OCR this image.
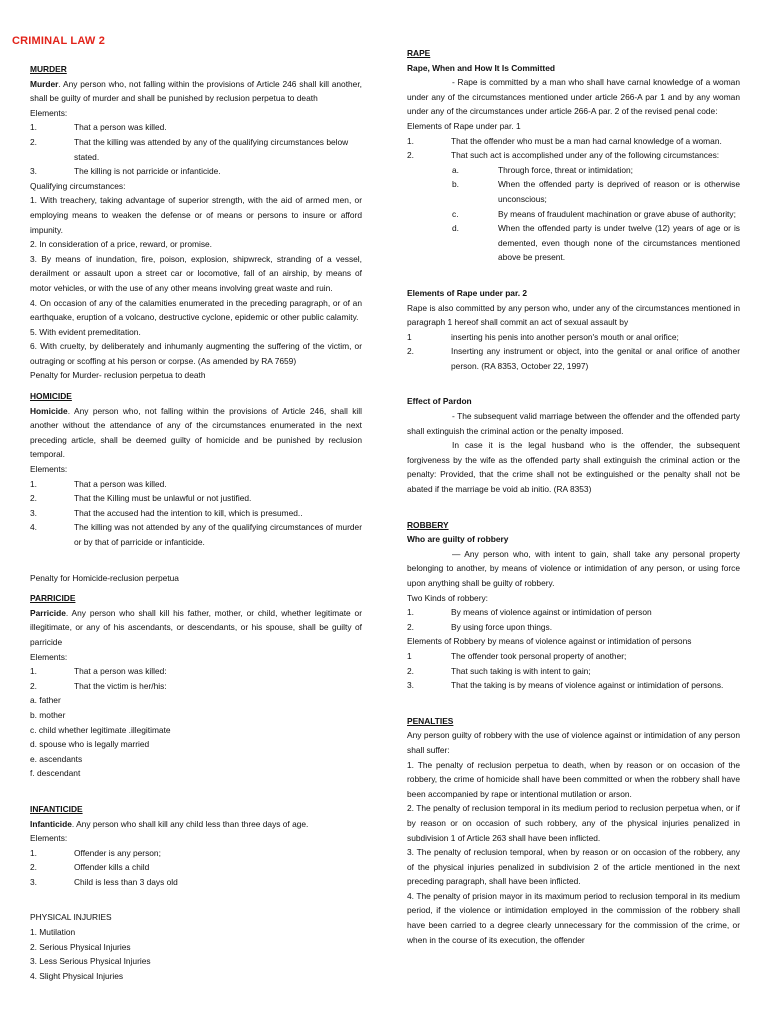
CRIMINAL LAW 2

MURDER

Murder. Any person who, not falling within the provisions of Article 246 shall kill another, shall be guilty of murder and shall be punished by reclusion perpetua to death

Elements:

1.	That a person was killed.
2.	That the killing was attended by any of the qualifying circumstances below stated.
3.	The killing is not parricide or infanticide.

Qualifying circumstances:

1. With treachery, taking advantage of superior strength, with the aid of armed men, or employing means to weaken the defense or of means or persons to insure or afford impunity.

2. In consideration of a price, reward, or promise.

3. By means of inundation, fire, poison, explosion, shipwreck, stranding of a vessel, derailment or assault upon a street car or locomotive, fall of an airship, by means of motor vehicles, or with the use of any other means involving great waste and ruin.

4. On occasion of any of the calamities enumerated in the preceding paragraph, or of an earthquake, eruption of a volcano, destructive cyclone, epidemic or other public calamity.

5. With evident premeditation.

6. With cruelty, by deliberately and inhumanly augmenting the suffering of the victim, or outraging or scoffing at his person or corpse. (As amended by RA 7659)

Penalty for Murder- reclusion perpetua to death

HOMICIDE

Homicide. Any person who, not falling within the provisions of Article 246, shall kill another without the attendance of any of the circumstances enumerated in the next preceding article, shall be deemed guilty of homicide and be punished by reclusion temporal.

Elements:

1.	That a person was killed.
2.	That the Killing must be unlawful or not justified.
3.	That the accused had the intention to kill, which is presumed..
4.	The killing was not attended by any of the qualifying circumstances of murder or by that of parricide or infanticide.

Penalty for Homicide-reclusion perpetua

PARRICIDE

Parricide. Any person who shall kill his father, mother, or child, whether legitimate or illegitimate, or any of his ascendants, or descendants, or his spouse, shall be guilty of parricide

Elements:

1.	That a person was killed:
2.	That the victim is her/his:

a. father

b. mother

c. child whether legitimate .illegitimate

d. spouse who is legally married

e. ascendants

f. descendant

INFANTICIDE

Infanticide. Any person who shall kill any child less than three days of age.

Elements:

1.	Offender is any person;
2.	Offender kills a child
3.	Child is less than 3 days old

PHYSICAL INJURIES

1. Mutilation

2. Serious Physical Injuries

3. Less Serious Physical Injuries

4. Slight Physical Injuries

RAPE

Rape, When and How It Is Committed

- Rape is committed by a man who shall have carnal knowledge of a woman under any of the circumstances mentioned under article 266-A par 1 and by any woman under any of the circumstances under article 266-A par. 2 of the revised penal code:

Elements of Rape under par. 1

1.	That the offender who must be a man had carnal knowledge of a woman.
2.	That such act is accomplished under any of the following circumstances:
a.	Through force, threat or intimidation;
b.	When the offended party is deprived of reason or is otherwise unconscious;
c.	By means of fraudulent machination or grave abuse of authority;
d.	When the offended party is under twelve (12) years of age or is demented, even though none of the circumstances mentioned above be present.

Elements of Rape under par. 2

Rape is also committed by any person who, under any of the circumstances mentioned in paragraph 1 hereof shall commit an act of sexual assault by

1	inserting his penis into another person's mouth or anal orifice;
2.	Inserting any instrument or object, into the genital or anal orifice of another person. (RA 8353, October 22, 1997)

Effect of Pardon

- The subsequent valid marriage between the offender and the offended party shall extinguish the criminal action or the penalty imposed.

In case it is the legal husband who is the offender, the subsequent forgiveness by the wife as the offended party shall extinguish the criminal action or the penalty: Provided, that the crime shall not be extinguished or the penalty shall not be abated if the marriage be void ab initio. (RA 8353)

ROBBERY

Who are guilty of robbery

— Any person who, with intent to gain, shall take any personal property belonging to another, by means of violence or intimidation of any person, or using force upon anything shall be guilty of robbery.

Two Kinds of robbery:

1.	By means of violence against or intimidation of person
2.	By using force upon things.

Elements of Robbery by means of violence against or intimidation of persons

1	The offender took personal property of another;
2.	That such taking is with intent to gain;
3.	That the taking is by means of violence against or intimidation of persons.

PENALTIES

Any person guilty of robbery with the use of violence against or intimidation of any person shall suffer:

1. The penalty of reclusion perpetua to death, when by reason or on occasion of the robbery, the crime of homicide shall have been committed or when the robbery shall have been accompanied by rape or intentional mutilation or arson.

2. The penalty of reclusion temporal in its medium period to reclusion perpetua when, or if by reason or on occasion of such robbery, any of the physical injuries penalized in subdivision 1 of Article 263 shall have been inflicted.

3. The penalty of reclusion temporal, when by reason or on occasion of the robbery, any of the physical injuries penalized in subdivision 2 of the article mentioned in the next preceding paragraph, shall have been inflicted.

4. The penalty of prision mayor in its maximum period to reclusion temporal in its medium period, if the violence or intimidation employed in the commission of the robbery shall have been carried to a degree clearly unnecessary for the commission of the crime, or when in the course of its execution, the offender
